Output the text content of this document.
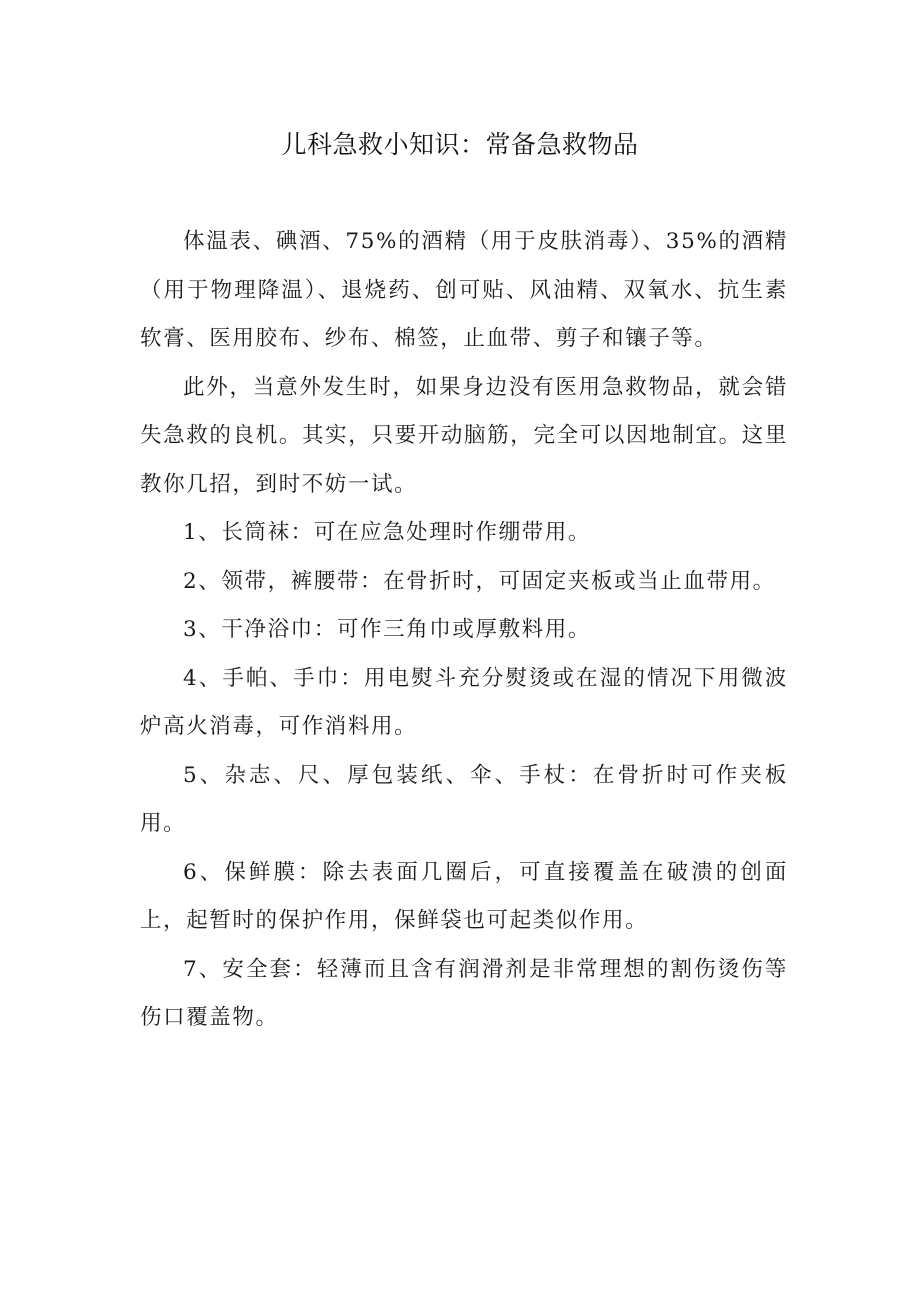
儿科急救小知识：常备急救物品

体温表、碘酒、75%的酒精（用于皮肤消毒）、35%的酒精（用于物理降温）、退烧药、创可贴、风油精、双氧水、抗生素软膏、医用胶布、纱布、棉签，止血带、剪子和镶子等。

此外，当意外发生时，如果身边没有医用急救物品，就会错失急救的良机。其实，只要开动脑筋，完全可以因地制宜。这里教你几招，到时不妨一试。

1、长筒袜：可在应急处理时作绷带用。

2、领带，裤腰带：在骨折时，可固定夹板或当止血带用。

3、干净浴巾：可作三角巾或厚敷料用。

4、手帕、手巾：用电熨斗充分熨烫或在湿的情况下用微波炉高火消毒，可作消料用。

5、杂志、尺、厚包装纸、伞、手杖：在骨折时可作夹板用。

6、保鲜膜：除去表面几圈后，可直接覆盖在破溃的创面上，起暂时的保护作用，保鲜袋也可起类似作用。

7、安全套：轻薄而且含有润滑剂是非常理想的割伤烫伤等伤口覆盖物。
